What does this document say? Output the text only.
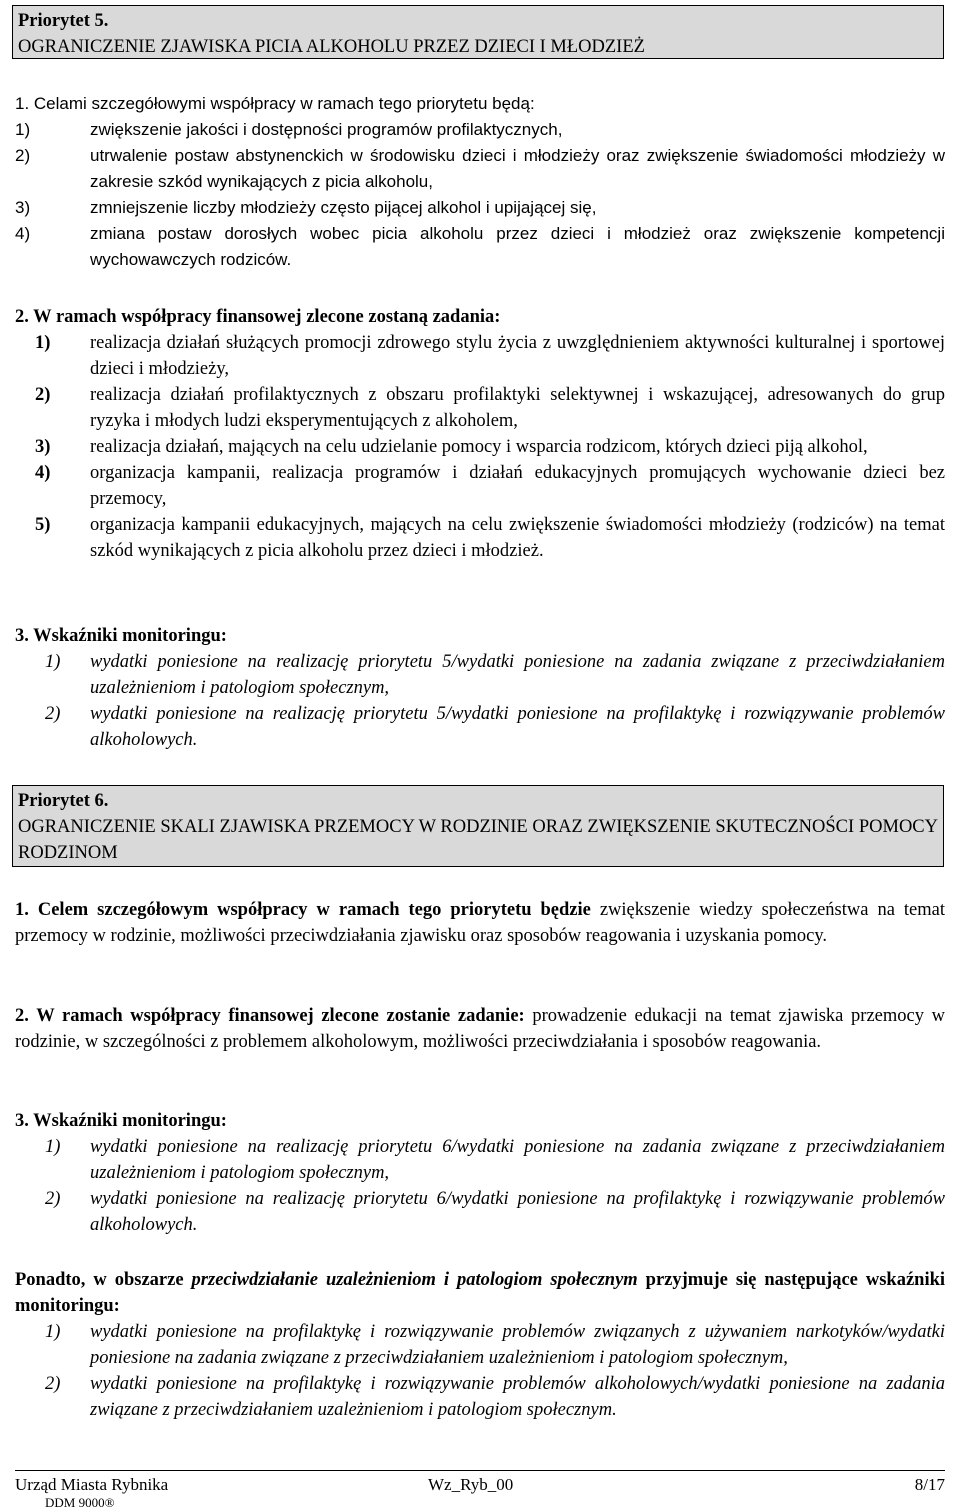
Priorytet 5.
OGRANICZENIE ZJAWISKA PICIA ALKOHOLU PRZEZ DZIECI I MŁODZIEŻ
1. Celami szczegółowymi współpracy w ramach tego priorytetu będą:
1)	zwiększenie jakości i dostępności programów profilaktycznych,
2)	utrwalenie postaw abstynenckich w środowisku dzieci i młodzieży oraz zwiększenie świadomości młodzieży w zakresie szkód wynikających z picia alkoholu,
3)	zmniejszenie liczby młodzieży często pijącej alkohol i upijającej się,
4)	zmiana postaw dorosłych wobec picia alkoholu przez dzieci i młodzież oraz zwiększenie kompetencji wychowawczych rodziców.
2. W ramach współpracy finansowej zlecone zostaną zadania:
1) realizacja działań służących promocji zdrowego stylu życia z uwzględnieniem aktywności kulturalnej i sportowej dzieci i młodzieży,
2) realizacja działań profilaktycznych z obszaru profilaktyki selektywnej i wskazującej, adresowanych do grup ryzyka i młodych ludzi eksperymentujących z alkoholem,
3) realizacja działań, mających na celu udzielanie pomocy i wsparcia rodzicom, których dzieci piją alkohol,
4) organizacja kampanii, realizacja programów i działań edukacyjnych promujących wychowanie dzieci bez przemocy,
5) organizacja kampanii edukacyjnych, mających na celu zwiększenie świadomości młodzieży (rodziców) na temat szkód wynikających z picia alkoholu przez dzieci i młodzież.
3. Wskaźniki monitoringu:
1) wydatki poniesione na realizację priorytetu 5/wydatki poniesione na zadania związane z przeciwdziałaniem uzależnieniom i patologiom społecznym,
2) wydatki poniesione na realizację priorytetu 5/wydatki poniesione na profilaktykę i rozwiązywanie problemów alkoholowych.
Priorytet 6.
OGRANICZENIE SKALI ZJAWISKA PRZEMOCY W RODZINIE ORAZ ZWIĘKSZENIE SKUTECZNOŚCI POMOCY RODZINOM
1. Celem szczegółowym współpracy w ramach tego priorytetu będzie zwiększenie wiedzy społeczeństwa na temat przemocy w rodzinie, możliwości przeciwdziałania zjawisku oraz sposobów reagowania i uzyskania pomocy.
2. W ramach współpracy finansowej zlecone zostanie zadanie: prowadzenie edukacji na temat zjawiska przemocy w rodzinie, w szczególności z problemem alkoholowym, możliwości przeciwdziałania i sposobów reagowania.
3. Wskaźniki monitoringu:
1) wydatki poniesione na realizację priorytetu 6/wydatki poniesione na zadania związane z przeciwdziałaniem uzależnieniom i patologiom społecznym,
2) wydatki poniesione na realizację priorytetu 6/wydatki poniesione na profilaktykę i rozwiązywanie problemów alkoholowych.
Ponadto, w obszarze przeciwdziałanie uzależnieniom i patologiom społecznym przyjmuje się następujące wskaźniki monitoringu:
1) wydatki poniesione na profilaktykę i rozwiązywanie problemów związanych z używaniem narkotyków/wydatki poniesione na zadania związane z przeciwdziałaniem uzależnieniom i patologiom społecznym,
2) wydatki poniesione na profilaktykę i rozwiązywanie problemów alkoholowych/wydatki poniesione na zadania związane z przeciwdziałaniem uzależnieniom i patologiom społecznym.
Urząd Miasta Rybnika	Wz_Ryb_00	8/17
DDM 9000®
